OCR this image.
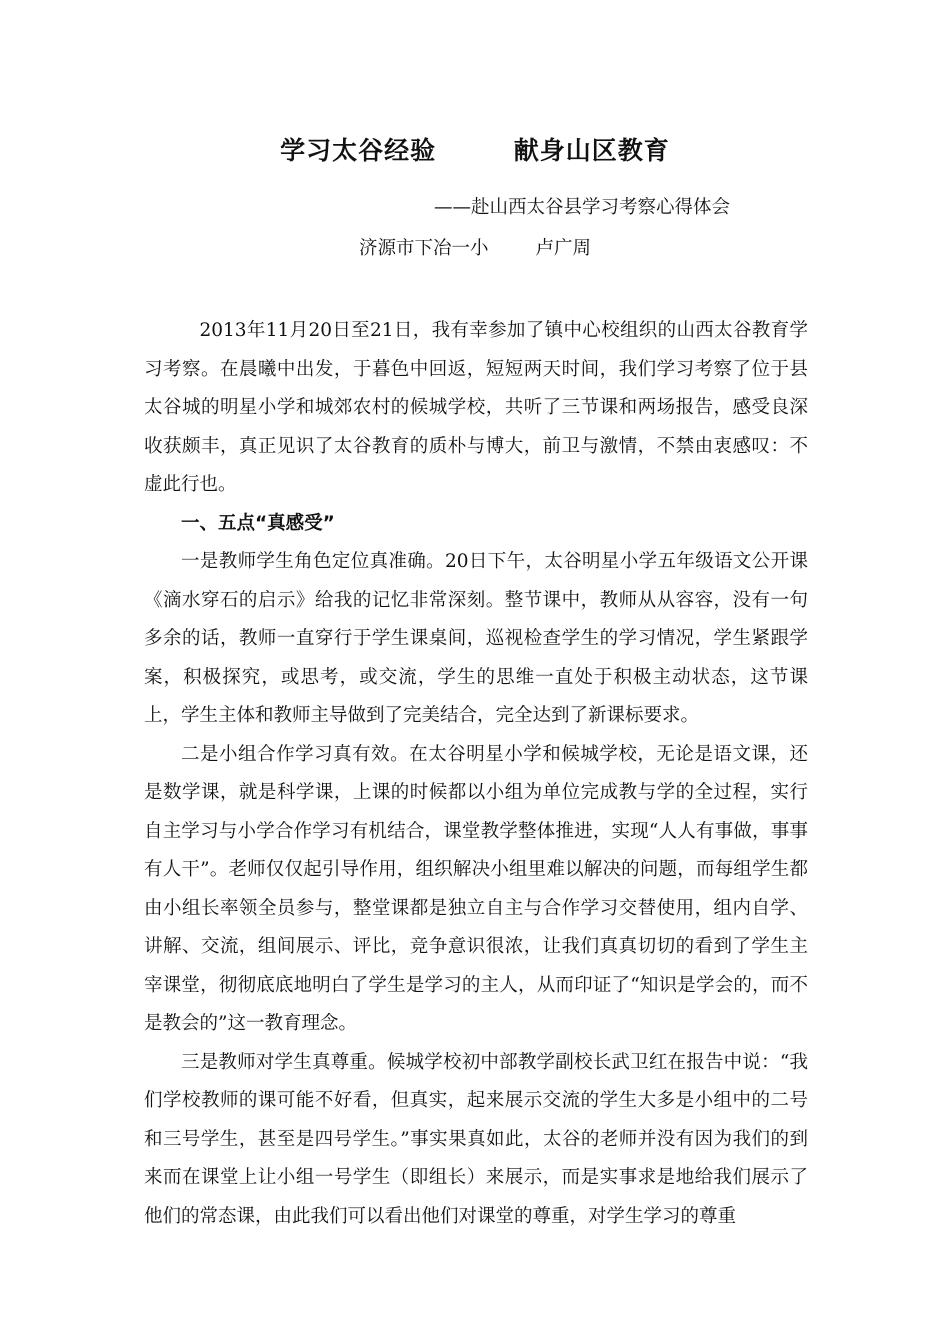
学习太谷经验        献身山区教育
——赴山西太谷县学习考察心得体会
济源市下冶一小        卢广周

2013年11月20日至21日，我有幸参加了镇中心校组织的山西太谷教育学习考察。在晨曦中出发，于暮色中回返，短短两天时间，我们学习考察了位于县太谷城的明星小学和城郊农村的候城学校，共听了三节课和两场报告，感受良深收获颇丰，真正见识了太谷教育的质朴与博大，前卫与激情，不禁由衷感叹：不虚此行也。

一、五点“真感受”

一是教师学生角色定位真准确。20日下午，太谷明星小学五年级语文公开课《滴水穿石的启示》给我的记忆非常深刻。整节课中，教师从从容容，没有一句多余的话，教师一直穿行于学生课桌间，巡视检查学生的学习情况，学生紧跟学案，积极探究，或思考，或交流，学生的思维一直处于积极主动状态，这节课上，学生主体和教师主导做到了完美结合，完全达到了新课标要求。

二是小组合作学习真有效。在太谷明星小学和候城学校，无论是语文课，还是数学课，就是科学课，上课的时候都以小组为单位完成教与学的全过程，实行自主学习与小学合作学习有机结合，课堂教学整体推进，实现“人人有事做，事事有人干”。老师仅仅起引导作用，组织解决小组里难以解决的问题，而每组学生都由小组长率领全员参与，整堂课都是独立自主与合作学习交替使用，组内自学、讲解、交流，组间展示、评比，竞争意识很浓，让我们真真切切的看到了学生主宰课堂，彻彻底底地明白了学生是学习的主人，从而印证了“知识是学会的，而不是教会的”这一教育理念。

三是教师对学生真尊重。候城学校初中部教学副校长武卫红在报告中说：“我们学校教师的课可能不好看，但真实，起来展示交流的学生大多是小组中的二号和三号学生，甚至是四号学生。”事实果真如此，太谷的老师并没有因为我们的到来而在课堂上让小组一号学生（即组长）来展示，而是实事求是地给我们展示了他们的常态课，由此我们可以看出他们对课堂的尊重，对学生学习的尊重
